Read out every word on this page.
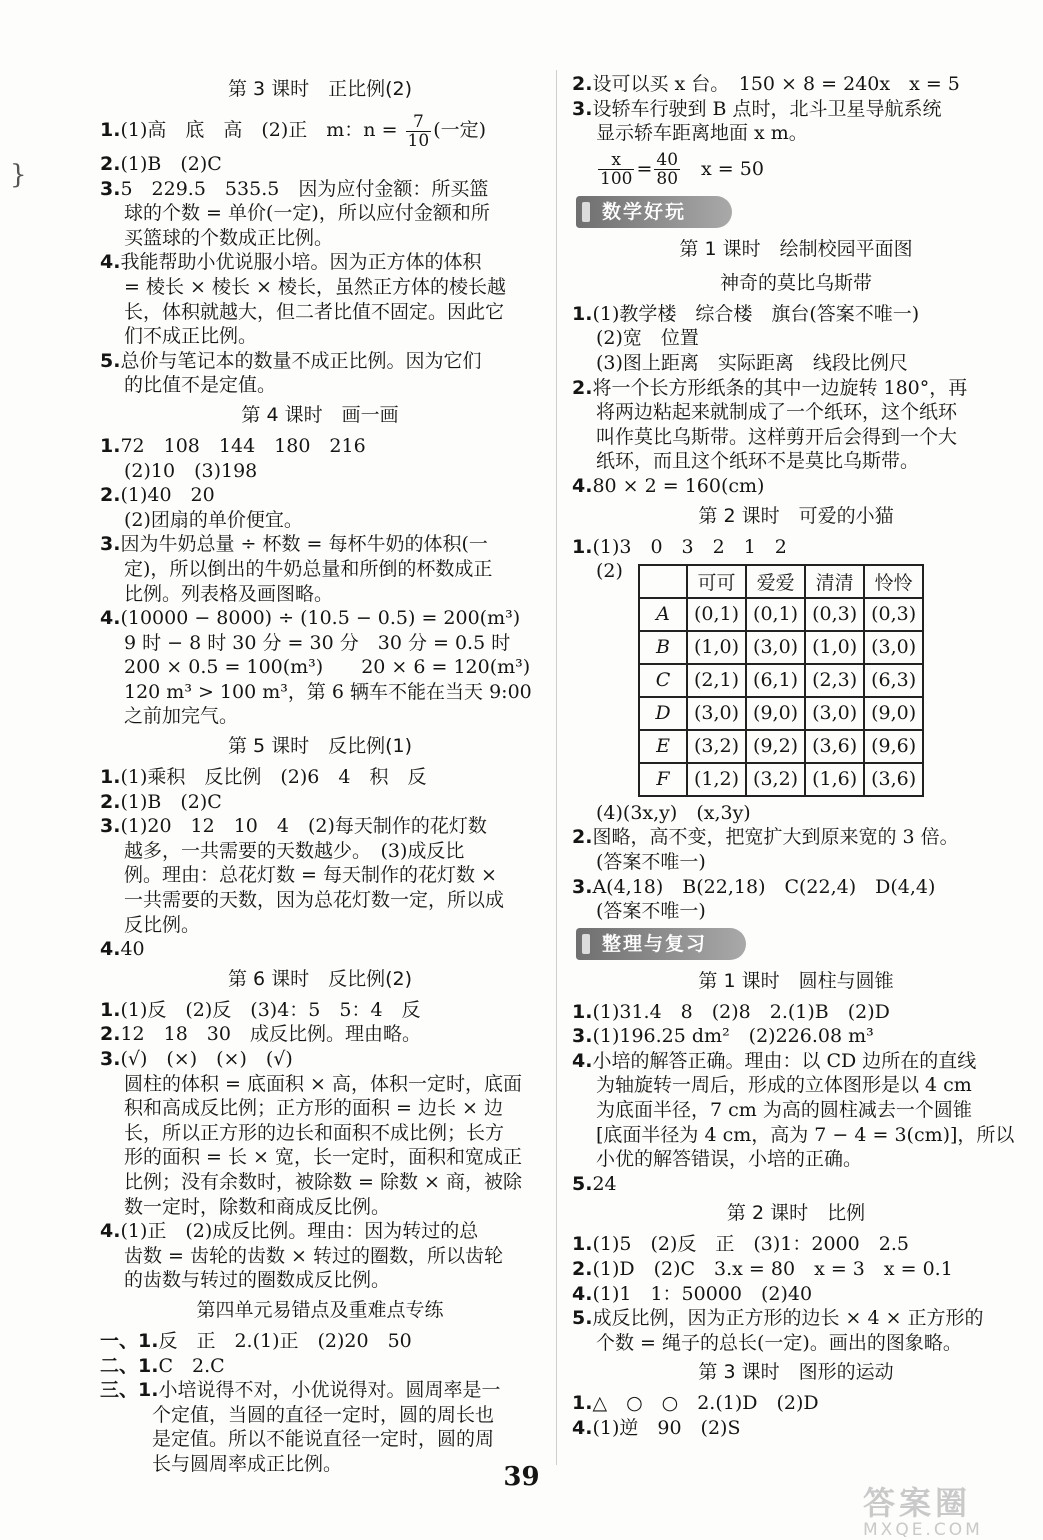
}
第 3 课时　正比例(2)
1.(1)高　底　高　(2)正　m：$n = \frac{7}{10}$ (一定)
2.(1)B　(2)C
3.5　229.5　535.5　因为应付金额：所买篮
球的个数 = 单价(一定)，所以应付金额和所
买篮球的个数成正比例。
4.我能帮助小优说服小培。因为正方体的体积
= 棱长 × 棱长 × 棱长，虽然正方体的棱长越
长，体积就越大，但二者比值不固定。因此它
们不成正比例。
5.总价与笔记本的数量不成正比例。因为它们
的比值不是定值。
第 4 课时　画一画
1.72　108　144　180　216
(2)10　(3)198
2.(1)40　20
(2)团扇的单价便宜。
3.因为牛奶总量 ÷ 杯数 = 每杯牛奶的体积(一
定)，所以倒出的牛奶总量和所倒的杯数成正
比例。列表格及画图略。
4.(10000 − 8000) ÷ (10.5 − 0.5) = 200(m³)
9 时 − 8 时 30 分 = 30 分　30 分 = 0.5 时
200 × 0.5 = 100(m³)　　20 × 6 = 120(m³)
120 m³ > 100 m³，第 6 辆车不能在当天 9:00
之前加完气。
第 5 课时　反比例(1)
1.(1)乘积　反比例　(2)6　4　积　反
2.(1)B　(2)C
3.(1)20　12　10　4　(2)每天制作的花灯数
越多，一共需要的天数越少。　(3)成反比
例。理由：总花灯数 = 每天制作的花灯数 ×
一共需要的天数，因为总花灯数一定，所以成
反比例。
4.40
第 6 课时　反比例(2)
1.(1)反　(2)反　(3)4：5　5：4　反
2.12　18　30　成反比例。理由略。
3.(√)　(×)　(×)　(√)
圆柱的体积 = 底面积 × 高，体积一定时，底面
积和高成反比例；正方形的面积 = 边长 × 边
长，所以正方形的边长和面积不成比例；长方
形的面积 = 长 × 宽，长一定时，面积和宽成正
比例；没有余数时，被除数 = 除数 × 商，被除
数一定时，除数和商成反比例。
4.(1)正　(2)成反比例。理由：因为转过的总
齿数 = 齿轮的齿数 × 转过的圈数，所以齿轮
的齿数与转过的圈数成反比例。
第四单元易错点及重难点专练
一、1.反　正　2.(1)正　(2)20　50
二、1.C　2.C
三、1.小培说得不对，小优说得对。圆周率是一
个定值，当圆的直径一定时，圆的周长也
是定值。所以不能说直径一定时，圆的周
长与圆周率成正比例。
2.设可以买 x 台。　150 × 8 = 240x　x = 5
3.设轿车行驶到 B 点时，北斗卫星导航系统
显示轿车距离地面 x m。
$\frac{x}{100} = \frac{40}{80}$ 　x = 50
数学好玩
第 1 课时　绘制校园平面图
神奇的莫比乌斯带
1.(1)教学楼　综合楼　旗台(答案不唯一)
(2)宽　位置
(3)图上距离　实际距离　线段比例尺
2.将一个长方形纸条的其中一边旋转 180°，再
将两边粘起来就制成了一个纸环，这个纸环
叫作莫比乌斯带。这样剪开后会得到一个大
纸环，而且这个纸环不是莫比乌斯带。
4.80 × 2 = 160(cm)
第 2 课时　可爱的小猫
1.(1)3　0　3　2　1　2
(2)
	可可	爱爱	清清	怜怜
A	(0,1)	(0,1)	(0,3)	(0,3)
B	(1,0)	(3,0)	(1,0)	(3,0)
C	(2,1)	(6,1)	(2,3)	(6,3)
D	(3,0)	(9,0)	(3,0)	(9,0)
E	(3,2)	(9,2)	(3,6)	(9,6)
F	(1,2)	(3,2)	(1,6)	(3,6)
(4)(3x,y)　(x,3y)
2.图略，高不变，把宽扩大到原来宽的 3 倍。
(答案不唯一)
3.A(4,18)　B(22,18)　C(22,4)　D(4,4)
(答案不唯一)
整理与复习
第 1 课时　圆柱与圆锥
1.(1)31.4　8　(2)8　2.(1)B　(2)D
3.(1)196.25 dm²　(2)226.08 m³
4.小培的解答正确。理由：以 CD 边所在的直线
为轴旋转一周后，形成的立体图形是以 4 cm
为底面半径，7 cm 为高的圆柱减去一个圆锥
[底面半径为 4 cm，高为 7 − 4 = 3(cm)]，所以
小优的解答错误，小培的正确。
5.24
第 2 课时　比例
1.(1)5　(2)反　正　(3)1：2000　2.5
2.(1)D　(2)C　3.x = 80　x = 3　x = 0.1
4.(1)1　1：50000　(2)40
5.成反比例，因为正方形的边长 × 4 × 正方形的
个数 = 绳子的总长(一定)。画出的图象略。
第 3 课时　图形的运动
1.△　○　○　2.(1)D　(2)D
4.(1)逆　90　(2)S
39
答案圈
MXQE.COM
